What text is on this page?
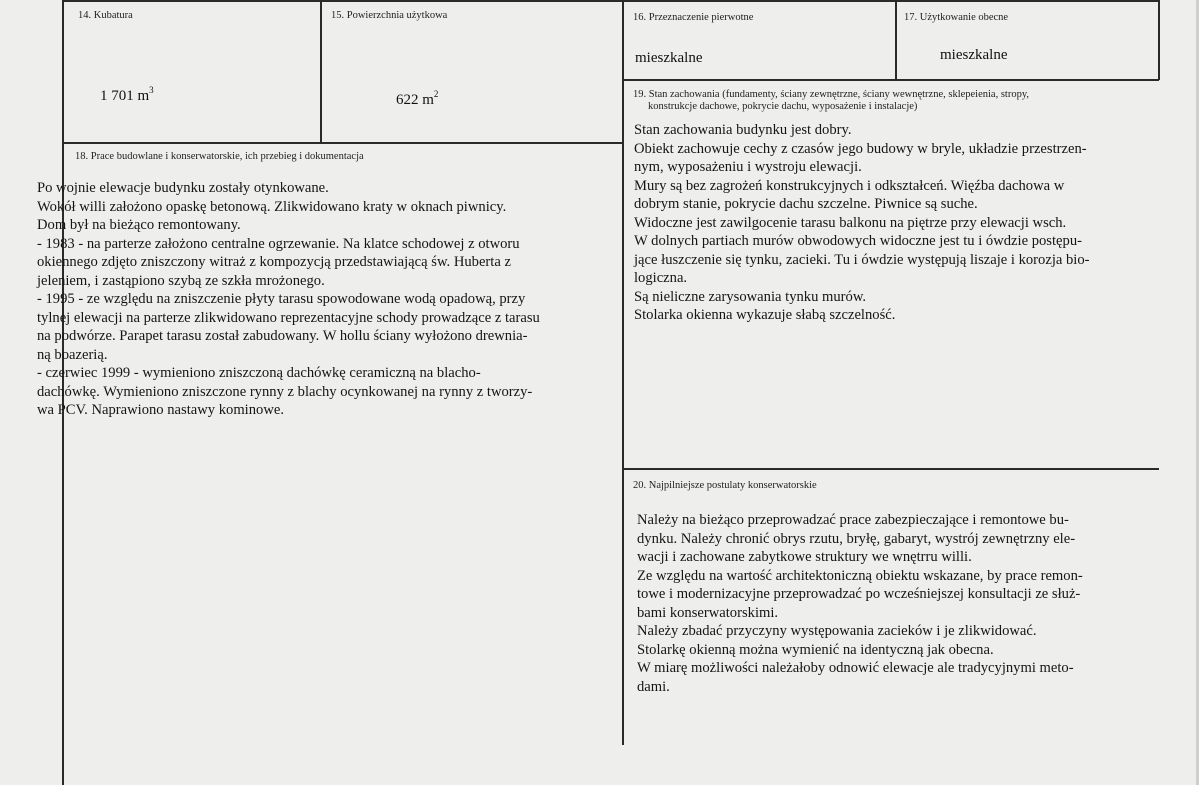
14. Kubatura
1 701 $m^3$
15. Powierzchnia użytkowa
622 $m^2$
16. Przeznaczenie pierwotne
mieszkalne
17. Użytkowanie obecne
mieszkalne
18. Prace budowlane i konserwatorskie, ich przebieg i dokumentacja

Po wojnie elewacje budynku zostały otynkowane.

Wokół willi założono opaskę betonową. Zlikwidowano kraty w oknach piwnicy.

Dom był na bieżąco remontowany.

- 1983 - na parterze założono centralne ogrzewanie. Na klatce schodowej z otworu

okiennego zdjęto zniszczony witraż z kompozycją przedstawiającą św. Huberta z

jeleniem, i zastąpiono szybą ze szkła mrożonego.

- 1995 - ze względu na zniszczenie płyty tarasu spowodowane wodą opadową, przy

tylnej elewacji na parterze zlikwidowano reprezentacyjne schody prowadzące z tarasu

na podwórze. Parapet tarasu został zabudowany. W hollu ściany wyłożono drewnia-

ną boazerią.

- czerwiec 1999 - wymieniono zniszczoną dachówkę ceramiczną na blacho-

dachówkę. Wymieniono zniszczone rynny z blachy ocynkowanej na rynny z tworzy-

wa PCV. Naprawiono nastawy kominowe.

19. Stan zachowania (fundamenty, ściany zewnętrzne, ściany wewnętrzne, sklepeienia, stropy,
konstrukcje dachowe, pokrycie dachu, wyposażenie i instalacje)

Stan zachowania budynku jest dobry.

Obiekt zachowuje cechy z czasów jego budowy w bryle, układzie przestrzen-

nym, wyposażeniu i wystroju elewacji.

Mury są bez zagrożeń konstrukcyjnych i odkształceń. Więźba dachowa w

dobrym stanie, pokrycie dachu szczelne. Piwnice są suche.

Widoczne jest zawilgocenie tarasu balkonu na piętrze przy elewacji wsch.

W dolnych partiach murów obwodowych widoczne jest tu i ówdzie postępu-

jące łuszczenie się tynku, zacieki. Tu i ówdzie występują liszaje i korozja bio-

logiczna.

Są nieliczne zarysowania tynku murów.

Stolarka okienna wykazuje słabą szczelność.

20. Najpilniejsze postulaty konserwatorskie

Należy na bieżąco przeprowadzać prace zabezpieczające i remontowe bu-

dynku. Należy chronić obrys rzutu, bryłę, gabaryt, wystrój zewnętrzny ele-

wacji i zachowane zabytkowe struktury we wnętrru willi.

Ze względu na wartość architektoniczną obiektu wskazane, by prace remon-

towe i modernizacyjne przeprowadzać po wcześniejszej konsultacji ze służ-

bami konserwatorskimi.

Należy zbadać przyczyny występowania zacieków i je zlikwidować.

Stolarkę okienną można wymienić na identyczną jak obecna.

W miarę możliwości należałoby odnowić elewacje ale tradycyjnymi meto-

dami.
